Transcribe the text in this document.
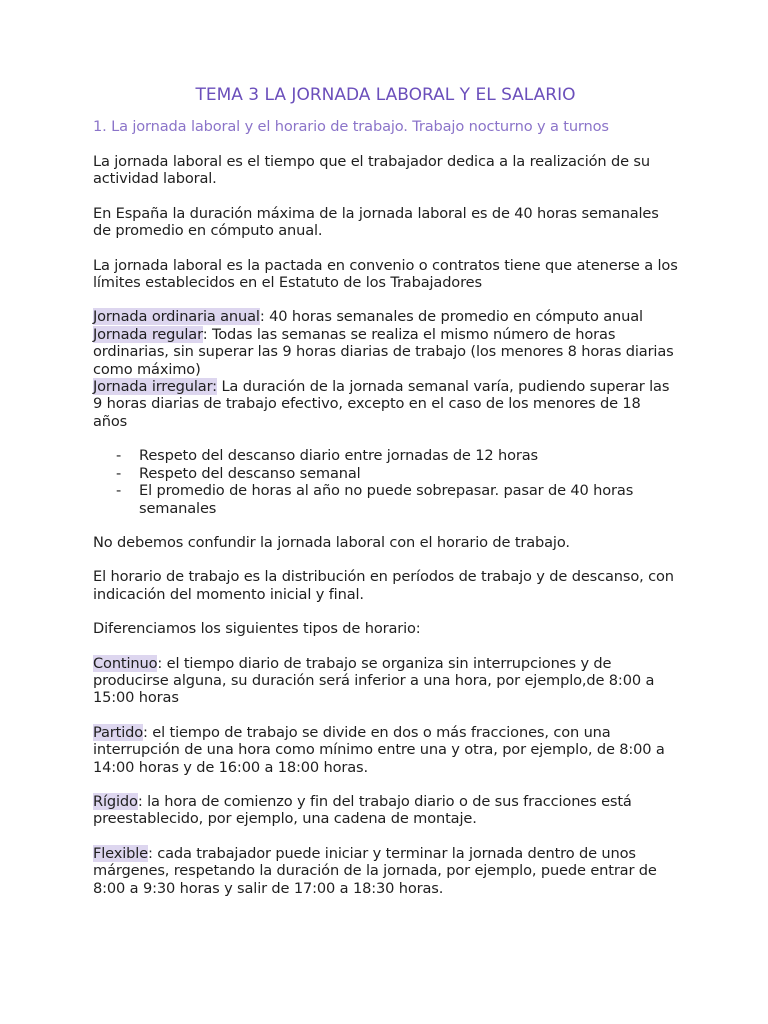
TEMA 3 LA JORNADA LABORAL Y EL SALARIO
1. La jornada laboral y el horario de trabajo. Trabajo nocturno y a turnos

La jornada laboral es el tiempo que el trabajador dedica a la realización de su actividad laboral.

En España la duración máxima de la jornada laboral es de 40 horas semanales de promedio en cómputo anual.

La jornada laboral es la pactada en convenio o contratos tiene que atenerse a los límites establecidos en el Estatuto de los Trabajadores

Jornada ordinaria anual: 40 horas semanales de promedio en cómputo anual

Jornada regular: Todas las semanas se realiza el mismo número de horas ordinarias, sin superar las 9 horas diarias de trabajo (los menores 8 horas diarias como máximo)

Jornada irregular: La duración de la jornada semanal varía, pudiendo superar las 9 horas diarias de trabajo efectivo, excepto en el caso de los menores de 18 años

- Respeto del descanso diario entre jornadas de 12 horas
- Respeto del descanso semanal
- El promedio de horas al año no puede sobrepasar. pasar de 40 horas semanales

No debemos confundir la jornada laboral con el horario de trabajo.

El horario de trabajo es la distribución en períodos de trabajo y de descanso, con indicación del momento inicial y final.

Diferenciamos los siguientes tipos de horario:

Continuo: el tiempo diario de trabajo se organiza sin interrupciones y de producirse alguna, su duración será inferior a una hora, por ejemplo,de 8:00 a 15:00 horas

Partido: el tiempo de trabajo se divide en dos o más fracciones, con una interrupción de una hora como mínimo entre una y otra, por ejemplo, de 8:00 a 14:00 horas y de 16:00 a 18:00 horas.

Rígido: la hora de comienzo y fin del trabajo diario o de sus fracciones está preestablecido, por ejemplo, una cadena de montaje.

Flexible: cada trabajador puede iniciar y terminar la jornada dentro de unos márgenes, respetando la duración de la jornada, por ejemplo, puede entrar de 8:00 a 9:30 horas y salir de 17:00 a 18:30 horas.
